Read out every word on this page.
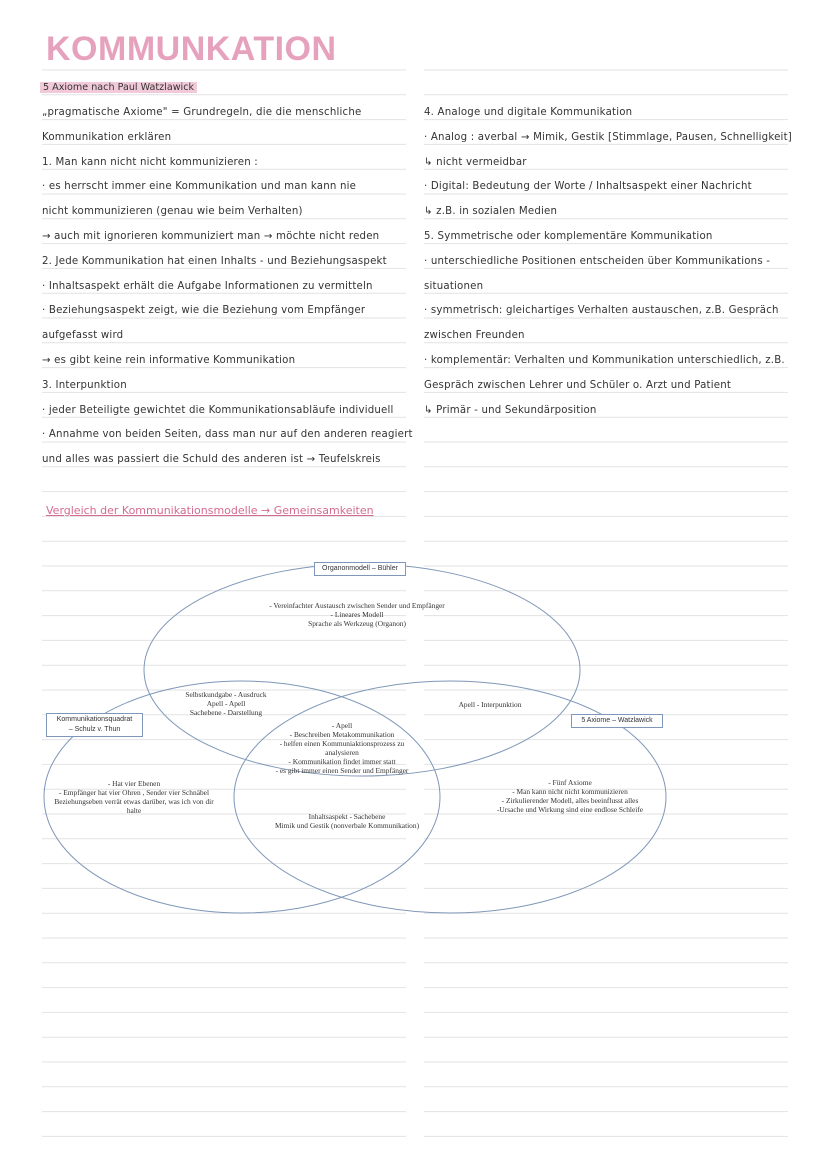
KOMMUNKATION
5 Axiome nach Paul Watzlawick
„pragmatische Axiome" = Grundregeln, die die menschliche
Kommunikation erklären
1. Man kann nicht nicht kommunizieren :
· es herrscht immer eine Kommunikation und man kann nie
nicht kommunizieren (genau wie beim Verhalten)
→ auch mit ignorieren kommuniziert man → möchte nicht reden
2. Jede Kommunikation hat einen Inhalts - und Beziehungsaspekt
· Inhaltsaspekt erhält die Aufgabe Informationen zu vermitteln
· Beziehungsaspekt zeigt, wie die Beziehung vom Empfänger
aufgefasst wird
→ es gibt keine rein informative Kommunikation
3. Interpunktion
· jeder Beteiligte gewichtet die Kommunikationsabläufe individuell
· Annahme von beiden Seiten, dass man nur auf den anderen reagiert
und alles was passiert die Schuld des anderen ist → Teufelskreis
4. Analoge und digitale Kommunikation
· Analog : averbal → Mimik, Gestik [Stimmlage, Pausen, Schnelligkeit]
↳ nicht vermeidbar
· Digital: Bedeutung der Worte / Inhaltsaspekt einer Nachricht
↳ z.B. in sozialen Medien
5. Symmetrische oder komplementäre Kommunikation
· unterschiedliche Positionen entscheiden über Kommunikations -
situationen
· symmetrisch: gleichartiges Verhalten austauschen, z.B. Gespräch
zwischen Freunden
· komplementär: Verhalten und Kommunikation unterschiedlich, z.B.
Gespräch zwischen Lehrer und Schüler o. Arzt und Patient
↳ Primär - und Sekundärposition
Vergleich der Kommunikationsmodelle → Gemeinsamkeiten
Organonmodell – Bühler
Kommunikationsquadrat
– Schulz v. Thun
5 Axiome – Watzlawick
- Vereinfachter Austausch zwischen Sender und Empfänger
- Lineares Modell
Sprache als Werkzeug (Organon)
Selbstkundgabe - Ausdruck
Apell - Apell
Sachebene - Darstellung
Apell - Interpunktion
- Apell
- Beschreiben Metakommunikation
- helfen einen Kommuniaktionsprozess zu
analysieren
- Kommunikation findet immer statt
- es gibt immer einen Sender und Empfänger
- Hat vier Ebenen
- Empfänger hat vier Ohren , Sender vier Schnäbel
Beziehungseben verrät etwas darüber, was ich von dir
halte
Inhaltsaspekt - Sachebene
Mimik und Gestik (nonverbale Kommunikation)
- Fünf Axiome
- Man kann nicht nicht kommunizieren
- Zirkulierender Modell, alles beeinflusst alles
-Ursache und Wirkung sind eine endlose Schleife
